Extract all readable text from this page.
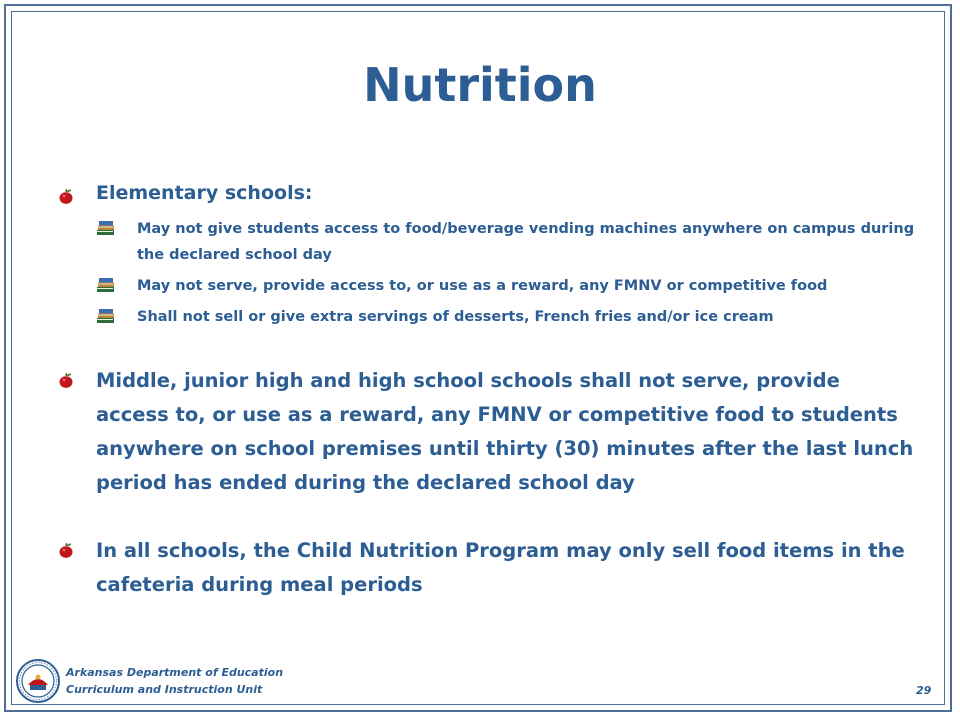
Nutrition
Elementary schools:
May not give students access to food/beverage vending machines anywhere on campus during the declared school day
May not serve, provide access to, or use as a reward, any FMNV or competitive food
Shall not sell or give extra servings of desserts, French fries and/or ice cream
Middle, junior high and high school schools shall not serve, provide access to, or use as a reward, any FMNV or competitive food to students anywhere on school premises until thirty (30) minutes after the last lunch period has ended during the declared school day
In all schools, the Child Nutrition Program may only sell food items in the cafeteria during meal periods
Arkansas Department of Education
Curriculum and Instruction Unit	29
